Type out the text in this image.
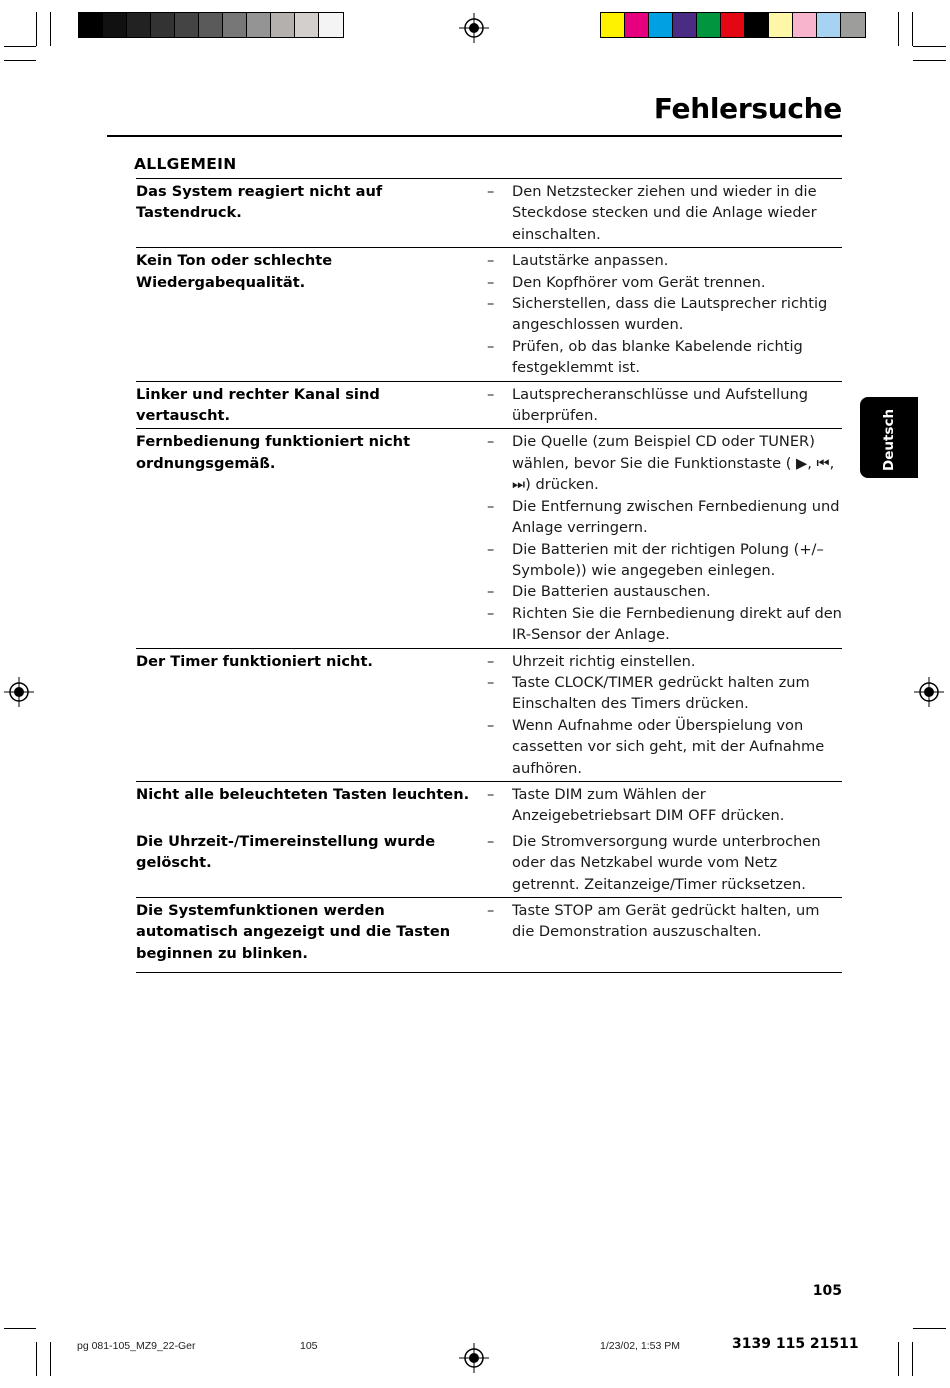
Fehlersuche
ALLGEMEIN
Das System reagiert nicht auf Tastendruck.
–	Den Netzstecker ziehen und wieder in die Steckdose stecken und die Anlage wieder einschalten.
Kein Ton oder schlechte Wiedergabequalität.
–	Lautstärke anpassen.
–	Den Kopfhörer vom Gerät trennen.
–	Sicherstellen, dass die Lautsprecher richtig angeschlossen wurden.
–	Prüfen, ob das blanke Kabelende richtig festgeklemmt ist.
Linker und rechter Kanal sind vertauscht.
–	Lautsprecheranschlüsse und Aufstellung überprüfen.
Fernbedienung funktioniert nicht ordnungsgemäß.
–	Die Quelle (zum Beispiel CD oder TUNER) wählen, bevor Sie die Funktionstaste ( ▶, ⏮, ⏭) drücken.
–	Die Entfernung zwischen Fernbedienung und Anlage verringern.
–	Die Batterien mit der richtigen Polung (+/– Symbole)) wie angegeben einlegen.
–	Die Batterien austauschen.
–	Richten Sie die Fernbedienung direkt auf den IR-Sensor der Anlage.
Der Timer funktioniert nicht.	–	Uhrzeit richtig einstellen.
–	Taste CLOCK/TIMER gedrückt halten zum Einschalten des Timers drücken.
–	Wenn Aufnahme oder Überspielung von cassetten vor sich geht, mit der Aufnahme aufhören.
Nicht alle beleuchteten Tasten leuchten.	–	Taste DIM zum Wählen der Anzeigebetriebsart DIM OFF drücken.
Die Uhrzeit-/Timereinstellung wurde gelöscht.
–	Die Stromversorgung wurde unterbrochen oder das Netzkabel wurde vom Netz getrennt. Zeitanzeige/Timer rücksetzen.
Die Systemfunktionen werden automatisch angezeigt und die Tasten beginnen zu blinken.
–	Taste STOP am Gerät gedrückt halten, um die Demonstration auszuschalten.
Deutsch
105
pg 081-105_MZ9_22-Ger	105	1/23/02, 1:53 PM	3139 115 21511
